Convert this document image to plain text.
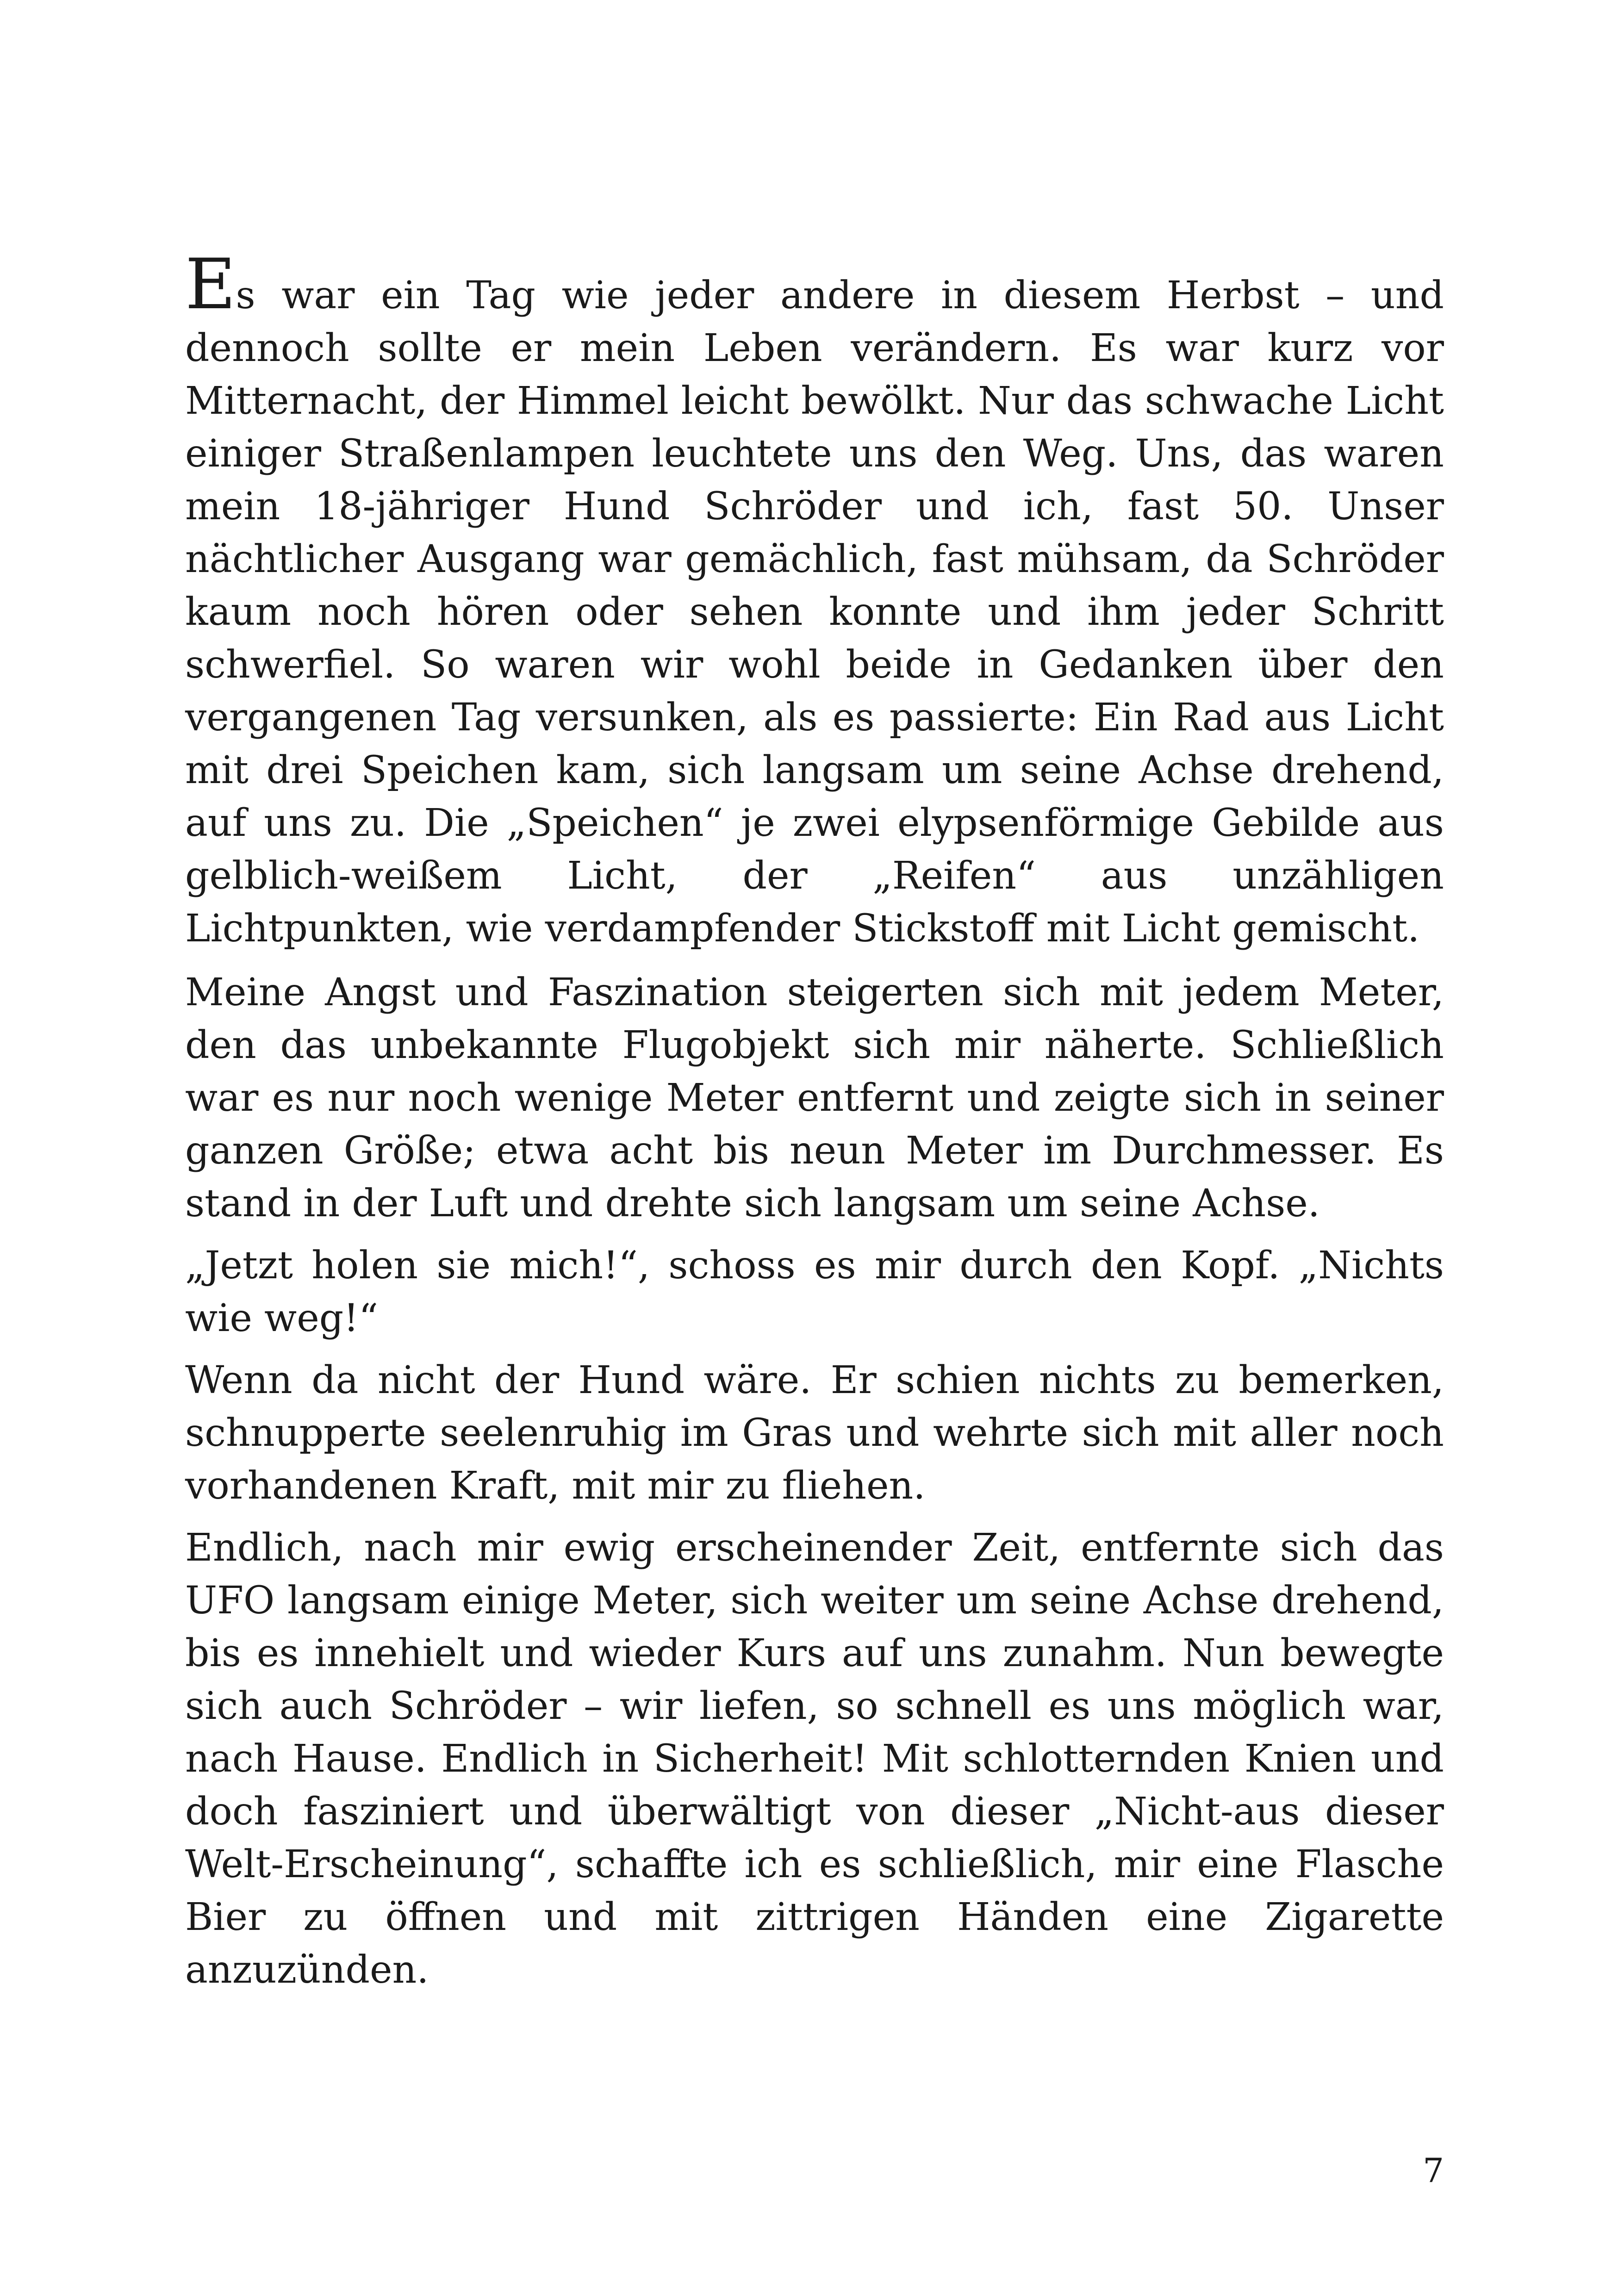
Es war ein Tag wie jeder andere in diesem Herbst – und dennoch sollte er mein Leben verändern. Es war kurz vor Mitternacht, der Himmel leicht bewölkt. Nur das schwache Licht einiger Straßenlampen leuchtete uns den Weg. Uns, das waren mein 18-jähriger Hund Schröder und ich, fast 50. Unser nächtlicher Ausgang war gemächlich, fast mühsam, da Schröder kaum noch hören oder sehen konnte und ihm jeder Schritt schwerfiel. So waren wir wohl beide in Gedanken über den vergangenen Tag versunken, als es passierte: Ein Rad aus Licht mit drei Speichen kam, sich langsam um seine Achse drehend, auf uns zu. Die „Speichen“ je zwei elypsenförmige Gebilde aus gelblich-weißem Licht, der „Reifen“ aus unzähligen Lichtpunkten, wie verdampfender Stickstoff mit Licht gemischt.

Meine Angst und Faszination steigerten sich mit jedem Meter, den das unbekannte Flugobjekt sich mir näherte. Schließlich war es nur noch wenige Meter entfernt und zeigte sich in seiner ganzen Größe; etwa acht bis neun Meter im Durchmesser. Es stand in der Luft und drehte sich langsam um seine Achse.

„Jetzt holen sie mich!“, schoss es mir durch den Kopf. „Nichts wie weg!“

Wenn da nicht der Hund wäre. Er schien nichts zu bemerken, schnupperte seelenruhig im Gras und wehrte sich mit aller noch vorhandenen Kraft, mit mir zu fliehen.

Endlich, nach mir ewig erscheinender Zeit, entfernte sich das UFO langsam einige Meter, sich weiter um seine Achse drehend, bis es innehielt und wieder Kurs auf uns zunahm. Nun bewegte sich auch Schröder – wir liefen, so schnell es uns möglich war, nach Hause. Endlich in Sicherheit! Mit schlotternden Knien und doch fasziniert und überwältigt von dieser „Nicht-aus dieser Welt-Erscheinung“, schaffte ich es schließlich, mir eine Flasche Bier zu öffnen und mit zittrigen Händen eine Zigarette anzuzünden.

7
